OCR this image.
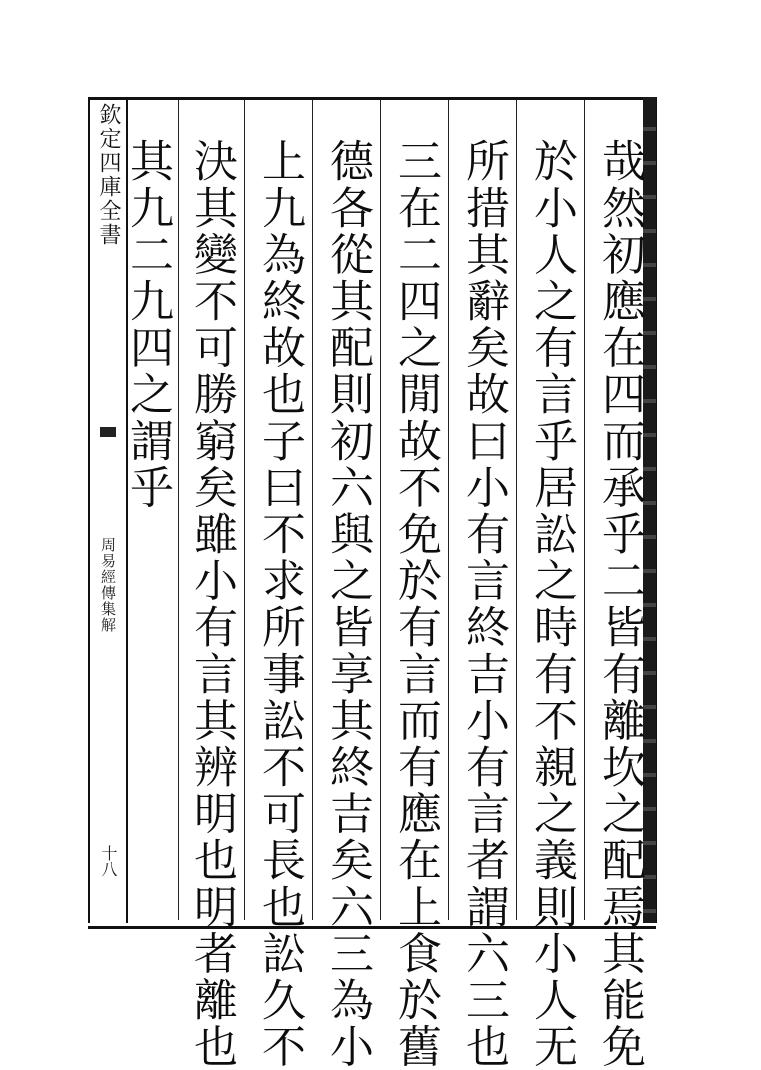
欽定四庫全書
周易經傳集解
十八	哉然初應在四而承乎二皆有離坎之配焉其能免
於小人之有言乎居訟之時有不親之義則小人无
所措其辭矣故曰小有言終吉小有言者謂六三也
三在二四之閒故不免於有言而有應在上食於舊
德各從其配則初六與之皆享其終吉矣六三為小
上九為終故也子曰不求所事訟不可長也訟久不
決其變不可勝窮矣雖小有言其辨明也明者離也
其九二九四之謂乎
